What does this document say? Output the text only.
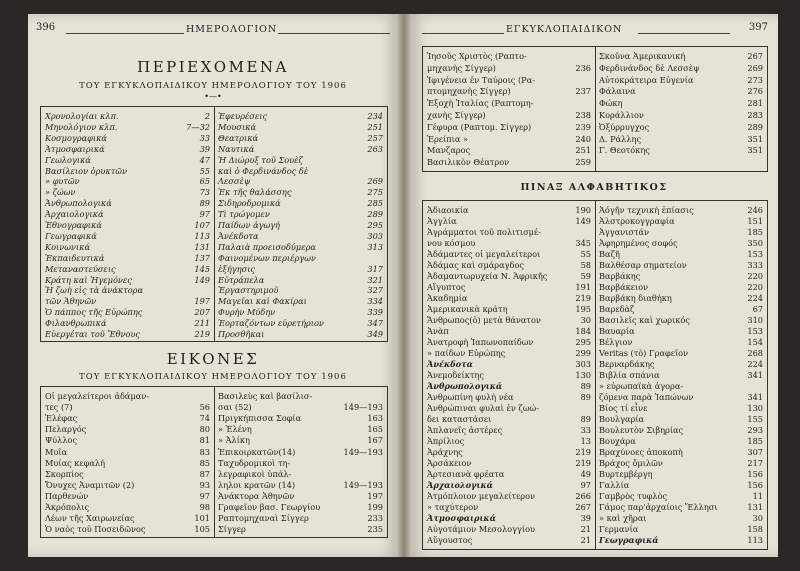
396	ΗΜΕΡΟΛΟΓΙΟΝ
ΠΕΡΙΕΧΟΜΕΝΑ
ΤΟΥ ΕΓΚΥΚΛΟΠΑΙΔΙΚΟΥ ΗΜΕΡΟΛΟΓΙΟΥ ΤΟΥ 1906
•—•
Χρονολογίαι κλπ.	2
Μηνολόγιον κλπ.	7—32
Κοσμογραφικά	33
Ἀτμοσφαιρικά	39
Γεωλογικά	47
Βασίλειον ὀρυκτῶν	55
» φυτῶν	65
» ζώων	73
Ἀνθρωπολογικά	89
Ἀρχαιολογικά	97
Ἐθνογραφικά	107
Γεωγραφικά	113
Κοινωνικά	131
Ἐκπαιδευτικά	137
Μεταναστεύσεις	145
Κράτη καὶ Ἡγεμόνες	149
Ἡ ζωὴ εἰς τὰ ἀνάκτορα
τῶν Ἀθηνῶν	197
Ὁ πάππος τῆς Εὐρώπης	207
Φιλανθρωπικά	211
Εὐεργέται τοῦ Ἔθνους	219
Ἐφευρέσεις	234
Μουσικά	251
Θεατρικά	257
Ναυτικά	263
Ἡ Διώρυξ τοῦ Σουὲζ
καὶ ὁ Φερδινάνδος δὲ
Λεσσὲψ	269
Ἐκ τῆς θαλάσσης	275
Σιδηροδρομικά	285
Τὶ τρώγομεν	289
Παίδων ἀγωγή	295
Ἀνέκδοτα	303
Παλαιὰ προεισοδύμερα	313
Φαινομένων περιέργων
ἐξήγησις	317
Εὐτράπελα	321
Ἐργαστηριμοῦ	327
Μαγεῖαι καὶ Φακίραι	334
Φυρὴν Μύδην	339
Ἐορταζόντων εὐρετήριον	347
Προσθῆκαι	349
ΕΙΚΟΝΕΣ
ΤΟΥ ΕΓΚΥΚΛΟΠΑΙΔΙΚΟΥ ΗΜΕΡΟΛΟΓΙΟΥ ΤΟΥ 1906
Οἱ μεγαλείτεροι ἀδάμαν-
τες (7)	56
Ἐλέφας	74
Πελαργός	80
Ψύλλος	81
Μυῖα	83
Μυίας κεφαλή	85
Σκορπίος	87
Ὄνυχες Ἀναμιτῶν (2)	93
Παρθενών	97
Ἀκρόπολις	98
Λέων τῆς Χαιρωνείας	101
Ὁ ναὸς τοῦ Ποσειδῶνος	105
Βασιλεὺς καὶ βασίλισ-
σαι (52)	149—193
Πριγκήπισσα Σοφία	163
» Ἑλένη	165
» Ἀλίκη	167
Ἐπικοιρκατῶν(14)	149—193
Ταχυδρομικοὶ τη-
λεγραφικοὶ ὑπάλ-
ληλοι κρατῶν (14)	149—193
Ἀνάκτορα Ἀθηνῶν	197
Γραφεῖον βασ. Γεωργίου	199
Ραπτομηχαναὶ Σίγγερ	233
Σίγγερ	235
ΕΓΚΥΚΛΟΠΑΙΔΙΚΟΝ	397
Ἰησοῦς Χριστὸς (Ραπτο-
μηχανὴς Σίγγερ)	236
Ἰφιγένεια ἐν Ταύροις (Ρα-
πτομηχανὴς Σίγγερ)	237
Ἐξοχὴ Ἰταλίας (Ραπτομη-
χανὴς Σίγγερ)	238
Γέφυρα (Ραπτομ. Σίγγερ)	239
Ἐρείπια »	240
Μανζαρος	251
Βασιλικὸν Θέατρον	259
Σκοῦνα Ἀμερικανική	267
Φερδινάνδος δὲ Λεσσὲψ	269
Αὐτοκράτειρα Εὐγενία	273
Φάλαινα	276
Φώκη	281
Κοράλλιον	283
Ὀξύρρυγχος	289
Δ. Ράλλης	351
Γ. Θεοτόκης	351
ΠΙΝΑΞ ΑΛΦΑΒΗΤΙΚΟΣ
Ἀδιαοικία	190
Ἀγγλία	149
Ἀγράμματοι τοῦ πολιτισμέ-
νου κόσμου	345
Ἀδάμαντες οἱ μεγαλείτεροι	55
Ἀδάμας καὶ σμάραγδος	58
Ἀδαμαντωρυχεία Ν. Ἀφρικῆς	59
Αἴγυπτος	191
Ἀκαδημία	219
Ἀμερικανικὰ κράτη	195
Ἄνθρωπος(ὁ) μετὰ θάνατον	30
Ἀνὰπ	184
Ἀνατροφὴ Ἰαπωνοπαίδων	295
» παίδων Εὐρώπης	299
Ἀνέκδοτα	303
Ἀνεμοδείκτης	130
Ἀνθρωπολογικά	89
Ἀνθρωπίνη φυλὴ νέα	89
Ἀνθρώπιναι φυλαὶ ἐν ζωώ-
δει καταστάσει	89
Ἀπλανεῖς ἀστέρες	33
Ἀπρίλιος	13
Ἀράχνης	219
Ἀρσάκειον	219
Ἀρτεσιανὰ φρέατα	49
Ἀρχαιολογικά	97
Ἀτμόπλοιον μεγαλείτερον	266
» ταχύτερον	267
Ἀτμοσφαιρικά	39
Αὐγοτάμιον Μεσολογγίου	21
Αὔγουστος	21
Ἀόγῆν τεχνικὴ ἐπίασις	246
Ἀλστροκογγραφία	151
Ἀγγανιστάν	185
Ἀφηρημένος σοφός	350
Βαζῆ	153
Βαλθέσαρ σηματείον	333
Βαρβάκης	220
Βαρβάκειον	220
Βαρβάκη διαθήκη	224
Βαρεδὰζ	67
Βασιλεῖς καὶ χωρικός	310
Βαυαρία	153
Βέλγιον	154
Veritas (τὸ) Γραφεῖον	268
Βερναρδάκης	224
Βιβλία σπάνια	341
» εὐρωπαϊκὰ ἀγορα-
ζόμενα παρὰ Ἰαπώνων	341
Βίος τί εἶνε	130
Βουλγαρία	155
Βουλευτὸν Σιβηρίας	293
Βουχάρα	185
Βραχύνοες ἀποκοπὴ	307
Βράχος ὄμιλῶν	217
Βυρτεμβέργη	156
Γαλλία	156
Γαμβρὸς τυφλὸς	11
Γάμος παρ'ἀρχαίοις Ἕλλησι	131
» καὶ χῆραι	30
Γερμανία	158
Γεωγραφικά	113
